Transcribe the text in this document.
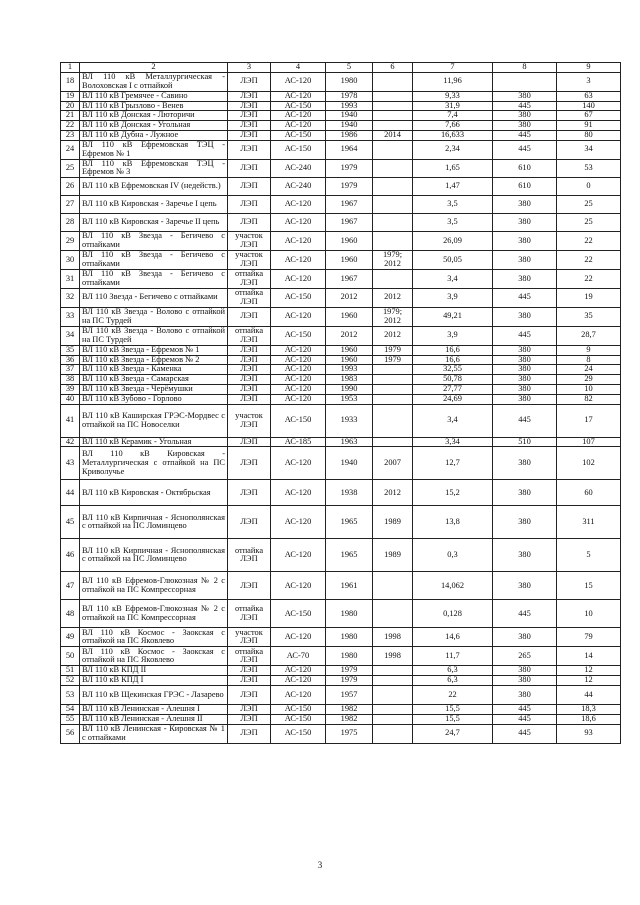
1	2	3	4	5	6	7	8	9
18	ВЛ 110 кВ Металлургическая - Волоховская I с отпайкой	ЛЭП	АС-120	1980		11,96		3
19	ВЛ 110 кВ Гремячее - Савино	ЛЭП	АС-120	1978		9,33	380	63
20	ВЛ 110 кВ Грызлово - Венев	ЛЭП	АС-150	1993		31,9	445	140
21	ВЛ 110 кВ Донская - Люторичи	ЛЭП	АС-120	1940		7,4	380	67
22	ВЛ 110 кВ Донская - Угольная	ЛЭП	АС-120	1940		7,66	380	91
23	ВЛ 110 кВ Дубна - Лужное	ЛЭП	АС-150	1986	2014	16,633	445	80
24	ВЛ 110 кВ Ефремовская ТЭЦ - Ефремов № 1	ЛЭП	АС-150	1964		2,34	445	34
25	ВЛ 110 кВ Ефремовская ТЭЦ - Ефремов № 3	ЛЭП	АС-240	1979		1,65	610	53
26	ВЛ 110 кВ Ефремовская IV (недейств.)	ЛЭП	АС-240	1979		1,47	610	0
27	ВЛ 110 кВ Кировская - Заречье I цепь	ЛЭП	АС-120	1967		3,5	380	25
28	ВЛ 110 кВ Кировская - Заречье II цепь	ЛЭП	АС-120	1967		3,5	380	25
29	ВЛ 110 кВ Звезда - Бегичево с отпайками	участок ЛЭП	АС-120	1960		26,09	380	22
30	ВЛ 110 кВ Звезда - Бегичево с отпайками	участок ЛЭП	АС-120	1960	1979; 2012	50,05	380	22
31	ВЛ 110 кВ Звезда - Бегичево с отпайками	отпайка ЛЭП	АС-120	1967		3,4	380	22
32	ВЛ 110 Звезда - Бегичево с отпайками	отпайка ЛЭП	АС-150	2012	2012	3,9	445	19
33	ВЛ 110 кВ Звезда - Волово с отпайкой на ПС Турдей	ЛЭП	АС-120	1960	1979; 2012	49,21	380	35
34	ВЛ 110 кВ Звезда - Волово с отпайкой на ПС Турдей	отпайка ЛЭП	АС-150	2012	2012	3,9	445	28,7
35	ВЛ 110 кВ Звезда - Ефремов № 1	ЛЭП	АС-120	1960	1979	16,6	380	9
36	ВЛ 110 кВ Звезда - Ефремов № 2	ЛЭП	АС-120	1960	1979	16,6	380	8
37	ВЛ 110 кВ Звезда - Каменка	ЛЭП	АС-120	1993		32,55	380	24
38	ВЛ 110 кВ Звезда - Самарская	ЛЭП	АС-120	1983		50,78	380	29
39	ВЛ 110 кВ Звезда - Черёмушки	ЛЭП	АС-120	1990		27,77	380	10
40	ВЛ 110 кВ Зубово - Горлово	ЛЭП	АС-120	1953		24,69	380	82
41	ВЛ 110 кВ Каширская ГРЭС-Мордвес с отпайкой на ПС Новоселки	участок ЛЭП	АС-150	1933		3,4	445	17
42	ВЛ 110 кВ Керамик - Угольная	ЛЭП	АС-185	1963		3,34	510	107
43	ВЛ 110 кВ Кировская - Металлургическая с отпайкой на ПС Криволучье	ЛЭП	АС-120	1940	2007	12,7	380	102
44	ВЛ 110 кВ Кировская - Октябрьская	ЛЭП	АС-120	1938	2012	15,2	380	60
45	ВЛ 110 кВ Кирпичная - Яснополянская с отпайкой на ПС Ломинцево	ЛЭП	АС-120	1965	1989	13,8	380	311
46	ВЛ 110 кВ Кирпичная - Яснополянская с отпайкой на ПС Ломинцево	отпайка ЛЭП	АС-120	1965	1989	0,3	380	5
47	ВЛ 110 кВ Ефремов-Глюкозная № 2 с отпайкой на ПС Компрессорная	ЛЭП	АС-120	1961		14,062	380	15
48	ВЛ 110 кВ Ефремов-Глюкозная № 2 с отпайкой на ПС Компрессорная	отпайка ЛЭП	АС-150	1980		0,128	445	10
49	ВЛ 110 кВ Космос - Заокская с отпайкой на ПС Яковлево	участок ЛЭП	АС-120	1980	1998	14,6	380	79
50	ВЛ 110 кВ Космос - Заокская с отпайкой на ПС Яковлево	отпайка ЛЭП	АС-70	1980	1998	11,7	265	14
51	ВЛ 110 кВ КПД II	ЛЭП	АС-120	1979		6,3	380	12
52	ВЛ 110 кВ КПД I	ЛЭП	АС-120	1979		6,3	380	12
53	ВЛ 110 кВ Щекинская ГРЭС - Лазарево	ЛЭП	АС-120	1957		22	380	44
54	ВЛ 110 кВ Ленинская - Алешня I	ЛЭП	АС-150	1982		15,5	445	18,3
55	ВЛ 110 кВ Ленинская - Алешня II	ЛЭП	АС-150	1982		15,5	445	18,6
56	ВЛ 110 кВ Ленинская - Кировская № 1 с отпайками	ЛЭП	АС-150	1975		24,7	445	93
3
